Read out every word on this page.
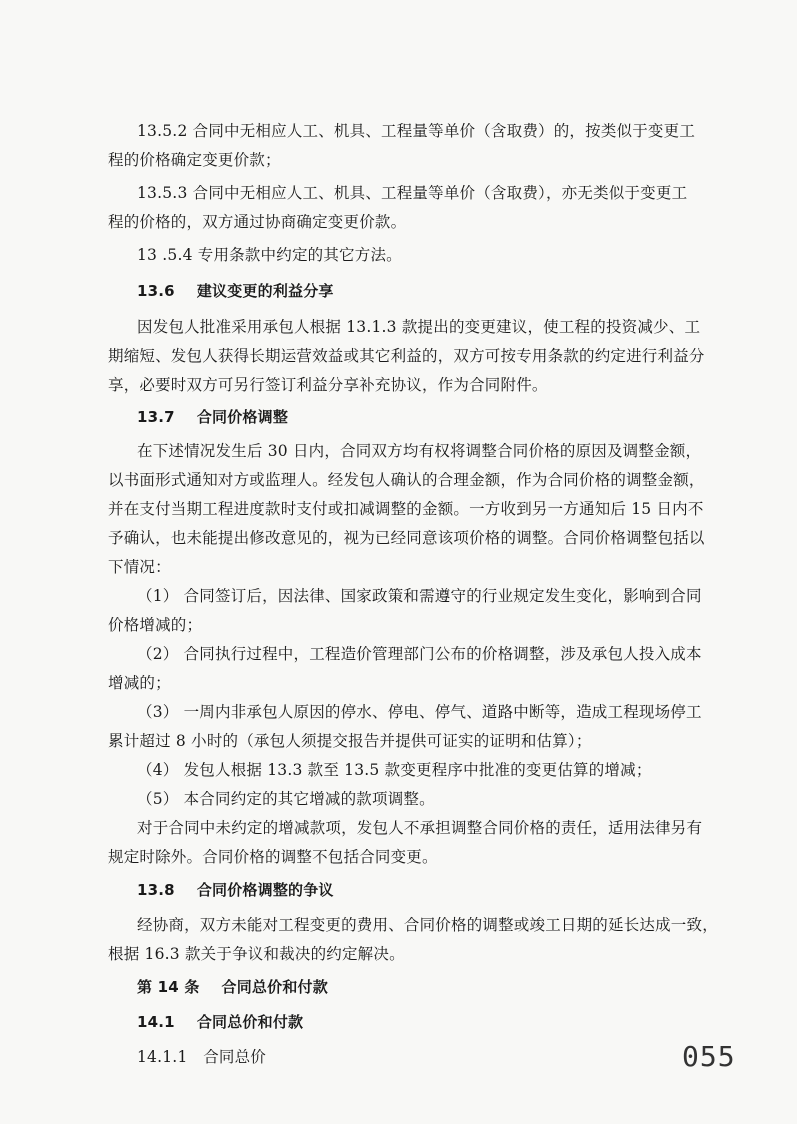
13.5.2 合同中无相应人工、机具、工程量等单价（含取费）的，按类似于变更工
程的价格确定变更价款；
13.5.3 合同中无相应人工、机具、工程量等单价（含取费），亦无类似于变更工
程的价格的，双方通过协商确定变更价款。
13 .5.4 专用条款中约定的其它方法。
13.6 建议变更的利益分享
因发包人批准采用承包人根据 13.1.3 款提出的变更建议，使工程的投资减少、工
期缩短、发包人获得长期运营效益或其它利益的，双方可按专用条款的约定进行利益分
享，必要时双方可另行签订利益分享补充协议，作为合同附件。
13.7 合同价格调整
在下述情况发生后 30 日内，合同双方均有权将调整合同价格的原因及调整金额，
以书面形式通知对方或监理人。经发包人确认的合理金额，作为合同价格的调整金额，
并在支付当期工程进度款时支付或扣减调整的金额。一方收到另一方通知后 15 日内不
予确认，也未能提出修改意见的，视为已经同意该项价格的调整。合同价格调整包括以
下情况：
（1） 合同签订后，因法律、国家政策和需遵守的行业规定发生变化，影响到合同
价格增减的；
（2） 合同执行过程中，工程造价管理部门公布的价格调整，涉及承包人投入成本
增减的；
（3） 一周内非承包人原因的停水、停电、停气、道路中断等，造成工程现场停工
累计超过 8 小时的（承包人须提交报告并提供可证实的证明和估算）；
（4） 发包人根据 13.3 款至 13.5 款变更程序中批准的变更估算的增减；
（5） 本合同约定的其它增减的款项调整。
对于合同中未约定的增减款项，发包人不承担调整合同价格的责任，适用法律另有
规定时除外。合同价格的调整不包括合同变更。
13.8 合同价格调整的争议
经协商，双方未能对工程变更的费用、合同价格的调整或竣工日期的延长达成一致，
根据 16.3 款关于争议和裁决的约定解决。
第 14 条 合同总价和付款
14.1 合同总价和付款
14.1.1　合同总价	055
